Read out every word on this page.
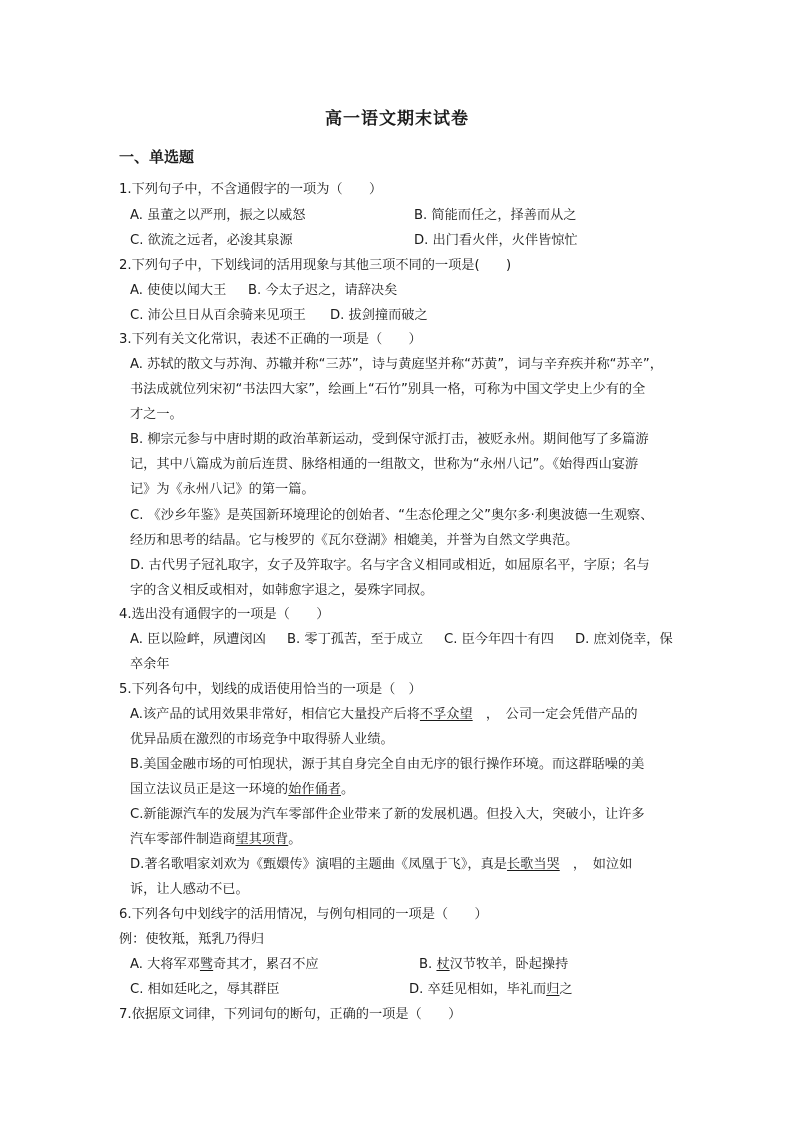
高一语文期末试卷
一、单选题
1.下列句子中，不含通假字的一项为（　　）
A. 虽董之以严刑，振之以威怒	B. 简能而任之，择善而从之
C. 欲流之远者，必浚其泉源	D. 出门看火伴，火伴皆惊忙
2.下列句子中，下划线词的活用现象与其他三项不同的一项是(　　)
A. 使使以闻大王 B. 今太子迟之，请辞决矣
C. 沛公旦日从百余骑来见项王 D. 拔剑撞而破之
3.下列有关文化常识，表述不正确的一项是（　　）
A. 苏轼的散文与苏洵、苏辙并称“三苏”，诗与黄庭坚并称“苏黄”，词与辛弃疾并称“苏辛”，
书法成就位列宋初“书法四大家”，绘画上“石竹”别具一格，可称为中国文学史上少有的全
才之一。
B. 柳宗元参与中唐时期的政治革新运动，受到保守派打击，被贬永州。期间他写了多篇游
记，其中八篇成为前后连贯、脉络相通的一组散文，世称为“永州八记”。《始得西山宴游
记》为《永州八记》的第一篇。
C. 《沙乡年鉴》是英国新环境理论的创始者、“生态伦理之父”奥尔多·利奥波德一生观察、
经历和思考的结晶。它与梭罗的《瓦尔登湖》相媲美，并誉为自然文学典范。
D. 古代男子冠礼取字，女子及笄取字。名与字含义相同或相近，如屈原名平，字原；名与
字的含义相反或相对，如韩愈字退之，晏殊字同叔。
4.选出没有通假字的一项是（　　）
A. 臣以险衅，夙遭闵凶 B. 零丁孤苦，至于成立 C. 臣今年四十有四 D. 庶刘侥幸，保
卒余年
5.下列各句中，划线的成语使用恰当的一项是（　）
A.该产品的试用效果非常好，相信它大量投产后将不孚众望　，　公司一定会凭借产品的
优异品质在激烈的市场竞争中取得骄人业绩。
B.美国金融市场的可怕现状，源于其自身完全自由无序的银行操作环境。而这群聒噪的美
国立法议员正是这一环境的始作俑者。
C.新能源汽车的发展为汽车零部件企业带来了新的发展机遇。但投入大，突破小，让许多
汽车零部件制造商望其项背。
D.著名歌唱家刘欢为《甄嬛传》演唱的主题曲《凤凰于飞》，真是长歌当哭　，　如泣如
诉，让人感动不已。
6.下列各句中划线字的活用情况，与例句相同的一项是（　　）
例：使牧羝，羝乳乃得归
A. 大将军邓骘奇其才，累召不应	B. 杖汉节牧羊，卧起操持
C. 相如廷叱之，辱其群臣	D. 卒廷见相如，毕礼而归之
7.依据原文词律，下列词句的断句，正确的一项是（　　）
